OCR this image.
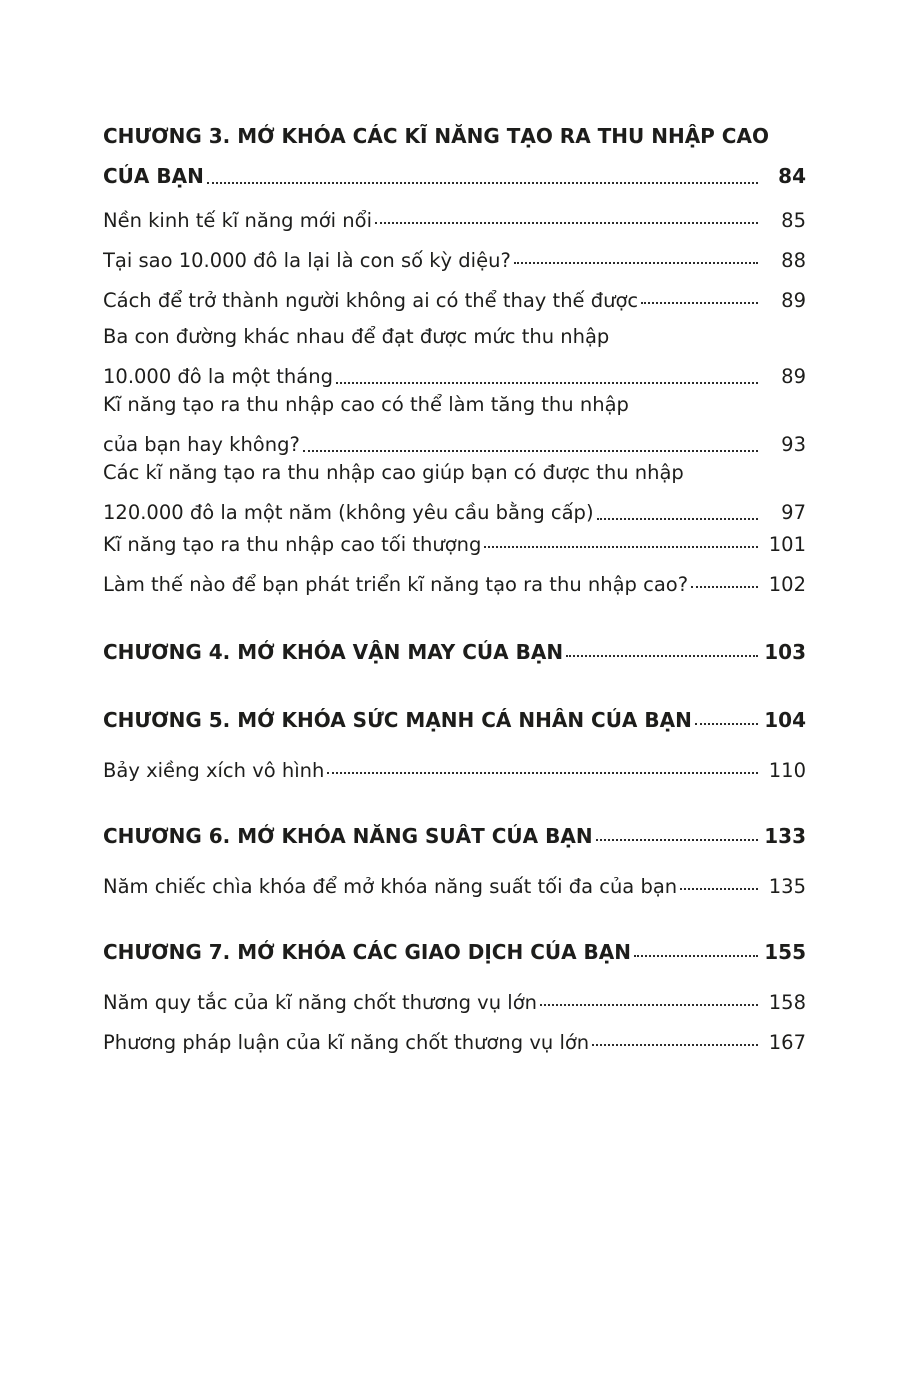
CHƯƠNG 3. MỞ KHÓA CÁC KĨ NĂNG TẠO RA THU NHẬP CAO
CỦA BẠN	84
Nền kinh tế kĩ năng mới nổi	85
Tại sao 10.000 đô la lại là con số kỳ diệu?	88
Cách để trở thành người không ai có thể thay thế được	89
Ba con đường khác nhau để đạt được mức thu nhập
10.000 đô la một tháng	89
Kĩ năng tạo ra thu nhập cao có thể làm tăng thu nhập
của bạn hay không?	93
Các kĩ năng tạo ra thu nhập cao giúp bạn có được thu nhập
120.000 đô la một năm (không yêu cầu bằng cấp)	97
Kĩ năng tạo ra thu nhập cao tối thượng	101
Làm thế nào để bạn phát triển kĩ năng tạo ra thu nhập cao?	102
CHƯƠNG 4. MỞ KHÓA VẬN MAY CỦA BẠN	103
CHƯƠNG 5. MỞ KHÓA SỨC MẠNH CÁ NHÂN CỦA BẠN	104
Bảy xiềng xích vô hình	110
CHƯƠNG 6. MỞ KHÓA NĂNG SUẤT CỦA BẠN	133
Năm chiếc chìa khóa để mở khóa năng suất tối đa của bạn	135
CHƯƠNG 7. MỞ KHÓA CÁC GIAO DỊCH CỦA BẠN	155
Năm quy tắc của kĩ năng chốt thương vụ lớn	158
Phương pháp luận của kĩ năng chốt thương vụ lớn	167
